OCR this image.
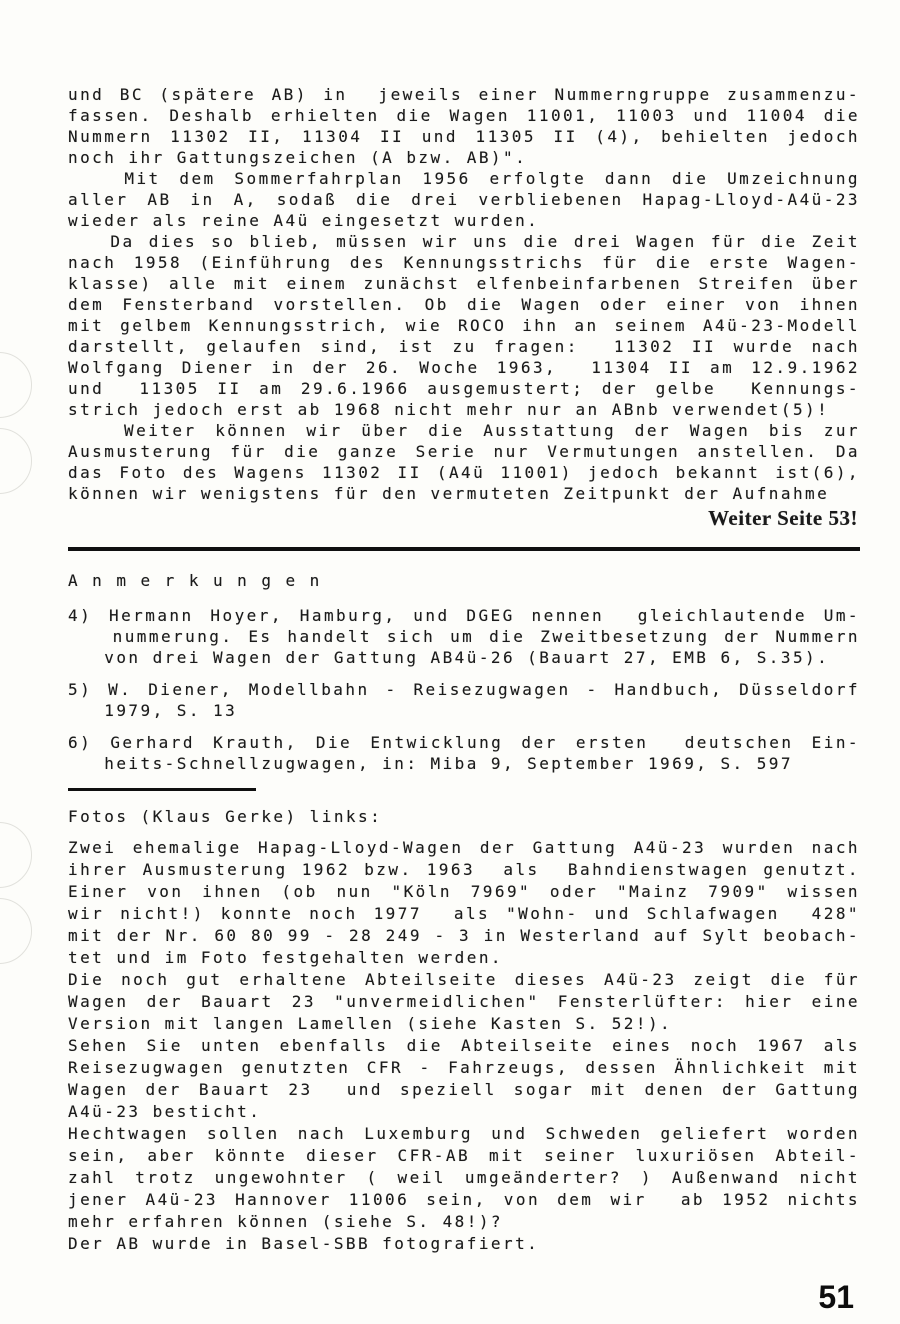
und BC (spätere AB) in  jeweils einer Nummerngruppe zusammenzu-
fassen. Deshalb erhielten die Wagen 11001, 11003 und 11004 die
Nummern 11302 II, 11304 II und 11305 II (4), behielten jedoch
noch ihr Gattungszeichen (A bzw. AB)".
Mit dem Sommerfahrplan 1956 erfolgte dann die Umzeichnung
aller AB in A, sodaß die drei verbliebenen Hapag-Lloyd-A4ü-23
wieder als reine A4ü eingesetzt wurden.
Da dies so blieb, müssen wir uns die drei Wagen für die Zeit
nach 1958 (Einführung des Kennungsstrichs für die erste Wagen-
klasse) alle mit einem zunächst elfenbeinfarbenen Streifen über
dem Fensterband vorstellen. Ob die Wagen oder einer von ihnen
mit gelbem Kennungsstrich, wie ROCO ihn an seinem A4ü-23-Modell
darstellt, gelaufen sind, ist zu fragen:  11302 II wurde nach
Wolfgang Diener in der 26. Woche 1963,  11304 II am 12.9.1962
und  11305 II am 29.6.1966 ausgemustert; der gelbe  Kennungs-
strich jedoch erst ab 1968 nicht mehr nur an ABnb verwendet(5)!
Weiter können wir über die Ausstattung der Wagen bis zur
Ausmusterung für die ganze Serie nur Vermutungen anstellen. Da
das Foto des Wagens 11302 II (A4ü 11001) jedoch bekannt ist(6),
können wir wenigstens für den vermuteten Zeitpunkt der Aufnahme
Weiter Seite 53!
A n m e r k u n g e n
4) Hermann Hoyer, Hamburg, und DGEG nennen  gleichlautende Um-
nummerung. Es handelt sich um die Zweitbesetzung der Nummern
von drei Wagen der Gattung AB4ü-26 (Bauart 27, EMB 6, S.35).
5) W. Diener, Modellbahn - Reisezugwagen - Handbuch, Düsseldorf
1979, S. 13
6) Gerhard Krauth, Die Entwicklung der ersten  deutschen Ein-
heits-Schnellzugwagen, in: Miba 9, September 1969, S. 597
Fotos (Klaus Gerke) links:
Zwei ehemalige Hapag-Lloyd-Wagen der Gattung A4ü-23 wurden nach
ihrer Ausmusterung 1962 bzw. 1963  als  Bahndienstwagen genutzt.
Einer von ihnen (ob nun "Köln 7969" oder "Mainz 7909" wissen
wir nicht!) konnte noch 1977  als "Wohn- und Schlafwagen  428"
mit der Nr. 60 80 99 - 28 249 - 3 in Westerland auf Sylt beobach-
tet und im Foto festgehalten werden.
Die noch gut erhaltene Abteilseite dieses A4ü-23 zeigt die für
Wagen der Bauart 23 "unvermeidlichen" Fensterlüfter: hier eine
Version mit langen Lamellen (siehe Kasten S. 52!).
Sehen Sie unten ebenfalls die Abteilseite eines noch 1967 als
Reisezugwagen genutzten CFR - Fahrzeugs, dessen Ähnlichkeit mit
Wagen der Bauart 23  und speziell sogar mit denen der Gattung
A4ü-23 besticht.
Hechtwagen sollen nach Luxemburg und Schweden geliefert worden
sein, aber könnte dieser CFR-AB mit seiner luxuriösen Abteil-
zahl trotz ungewohnter ( weil umgeänderter? ) Außenwand nicht
jener A4ü-23 Hannover 11006 sein, von dem wir  ab 1952 nichts
mehr erfahren können (siehe S. 48!)?
Der AB wurde in Basel-SBB fotografiert.
51
